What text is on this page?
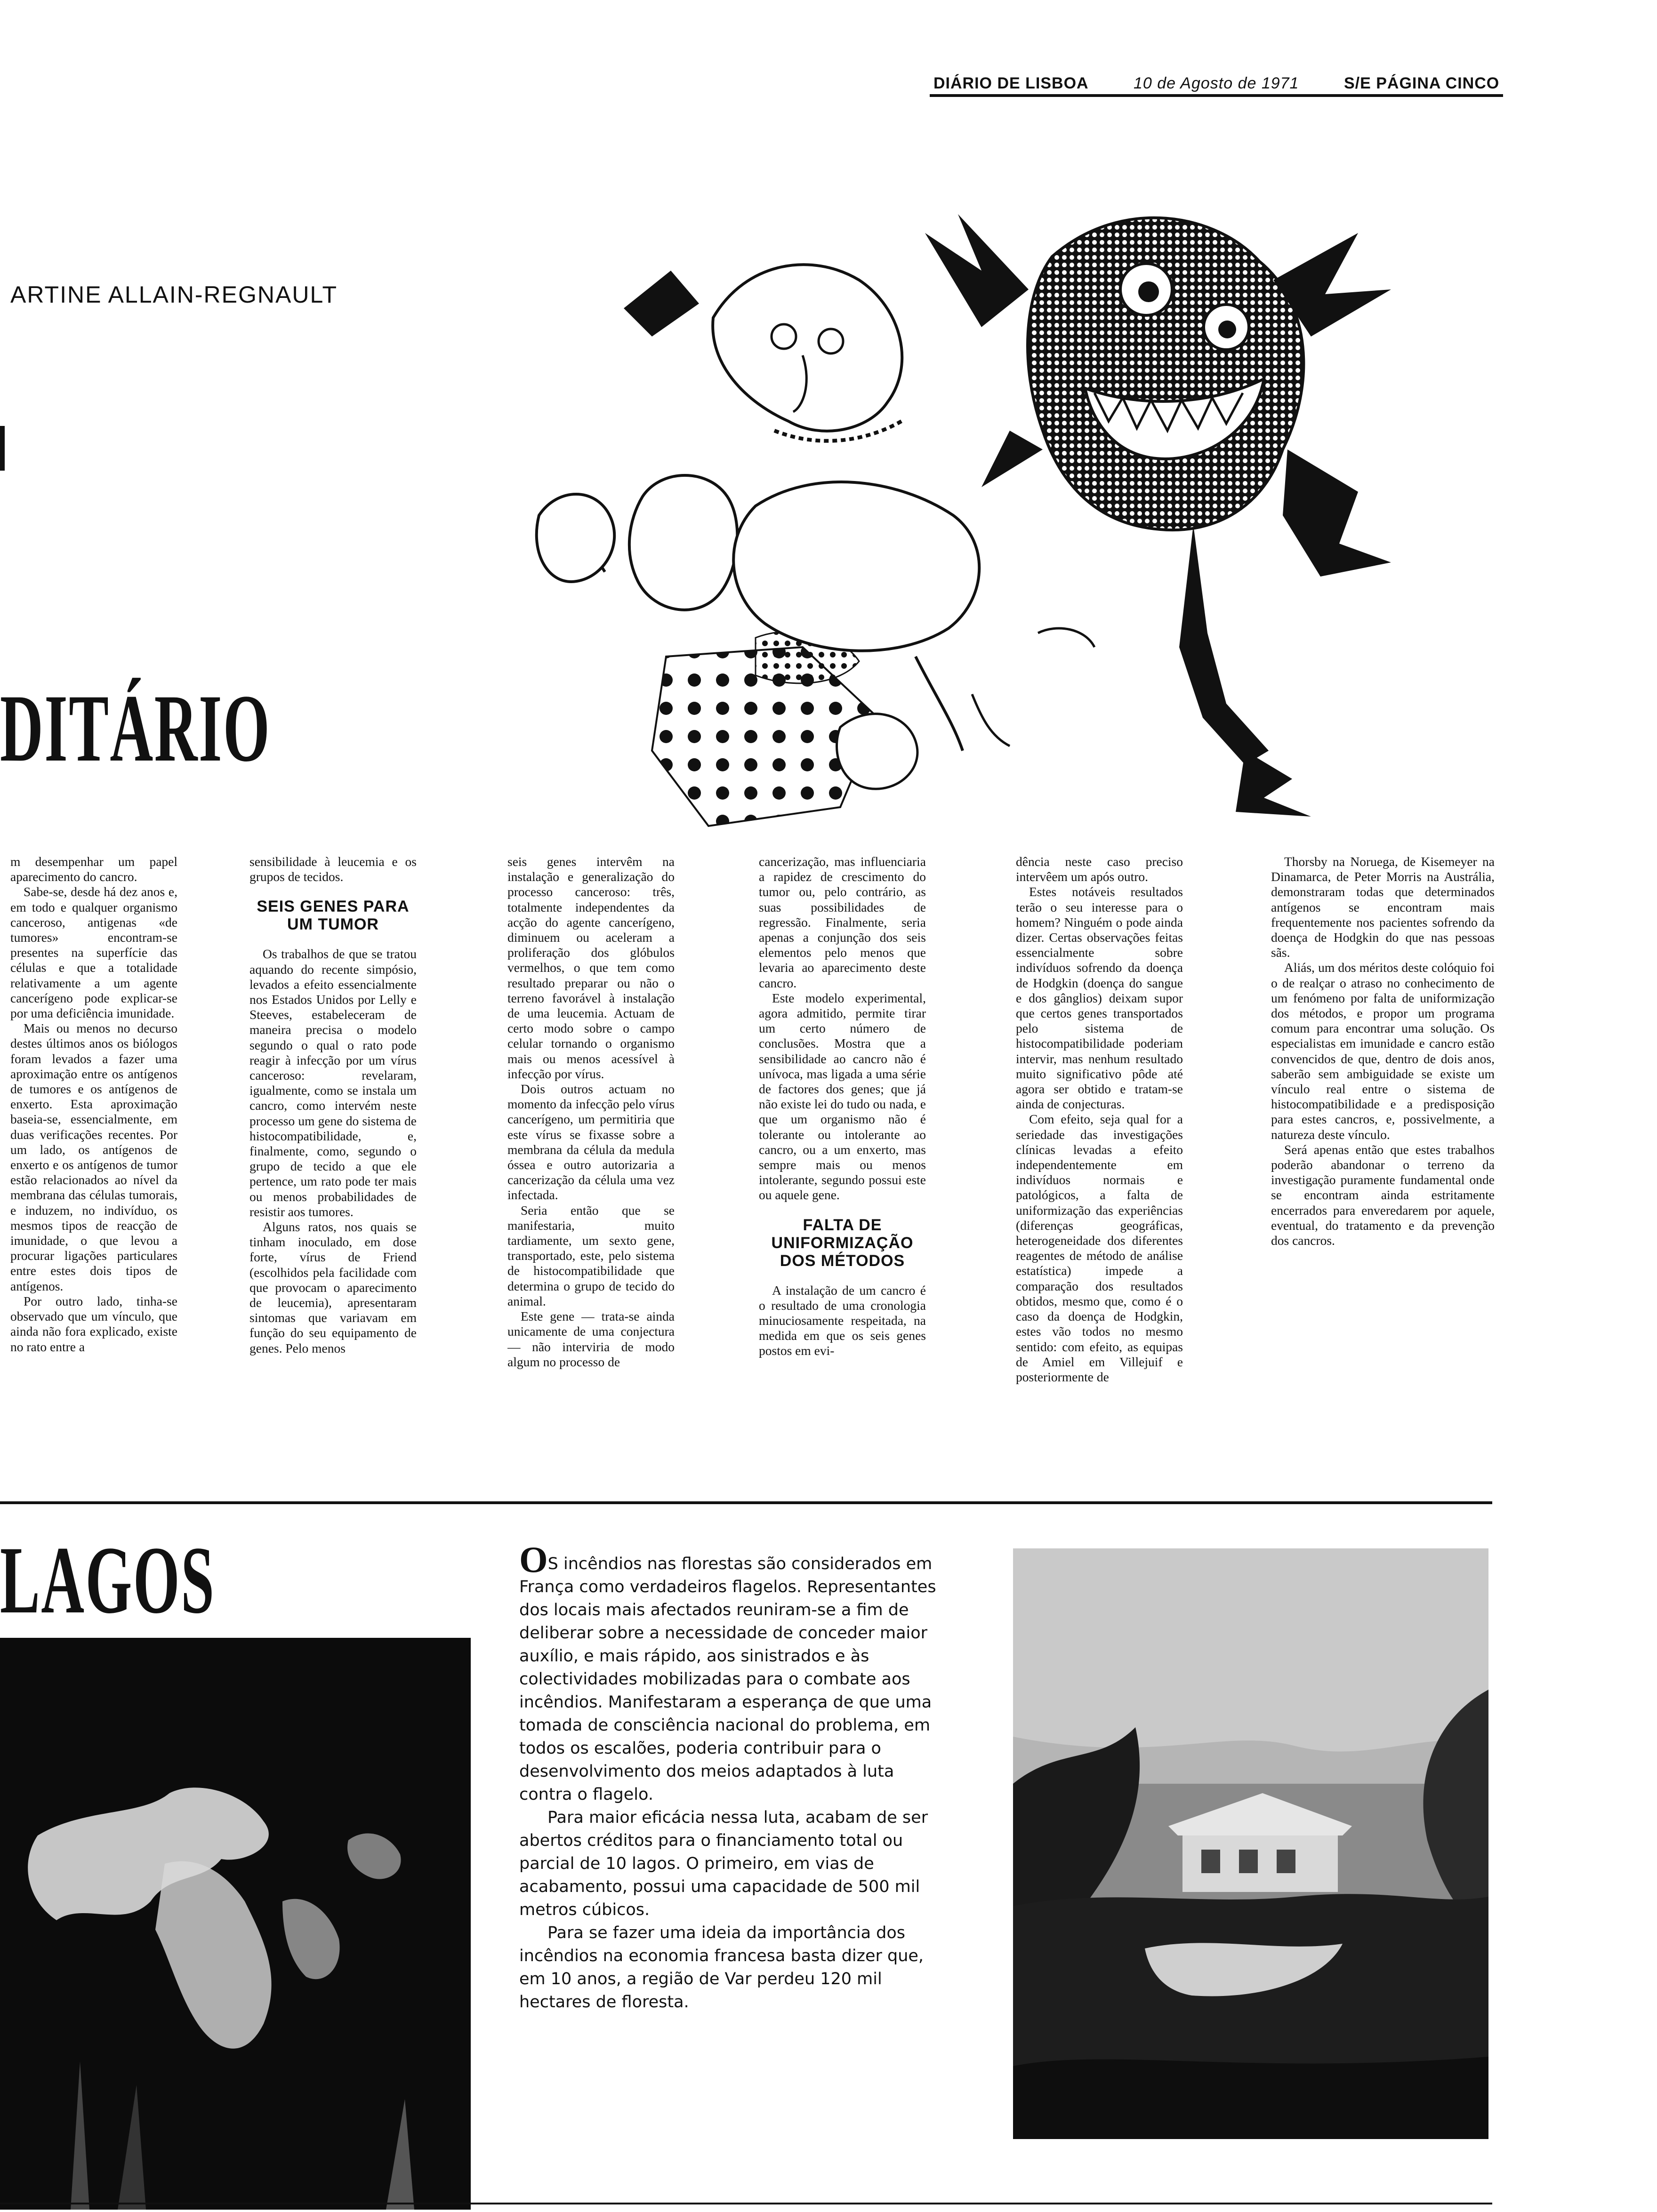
DIÁRIO DE LISBOA	10 de Agosto de 1971	S/E PÁGINA CINCO
ARTINE ALLAIN-REGNAULT
DITÁRIO

m desempenhar um papel aparecimento do cancro.

Sabe-se, desde há dez anos e, em todo e qualquer organismo canceroso, antigenas «de tumores» encontram-se presentes na superfície das células e que a totalidade relativamente a um agente cancerígeno pode explicar-se por uma deficiência imunidade.

Mais ou menos no decurso destes últimos anos os biólogos foram levados a fazer uma aproximação entre os antígenos de tumores e os antígenos de enxerto. Esta aproximação baseia-se, essencialmente, em duas verificações recentes. Por um lado, os antígenos de enxerto e os antígenos de tumor estão relacionados ao nível da membrana das células tumorais, e induzem, no indivíduo, os mesmos tipos de reacção de imunidade, o que levou a procurar ligações particulares entre estes dois tipos de antígenos.

Por outro lado, tinha-se observado que um vínculo, que ainda não fora explicado, existe no rato entre a

sensibilidade à leucemia e os grupos de tecidos.

SEIS GENES PARA UM TUMOR

Os trabalhos de que se tratou aquando do recente simpósio, levados a efeito essencialmente nos Estados Unidos por Lelly e Steeves, estabeleceram de maneira precisa o modelo segundo o qual o rato pode reagir à infecção por um vírus canceroso: revelaram, igualmente, como se instala um cancro, como intervém neste processo um gene do sistema de histocompatibilidade, e, finalmente, como, segundo o grupo de tecido a que ele pertence, um rato pode ter mais ou menos probabilidades de resistir aos tumores.

Alguns ratos, nos quais se tinham inoculado, em dose forte, vírus de Friend (escolhidos pela facilidade com que provocam o aparecimento de leucemia), apresentaram sintomas que variavam em função do seu equipamento de genes. Pelo menos

seis genes intervêm na instalação e generalização do processo canceroso: três, totalmente independentes da acção do agente cancerígeno, diminuem ou aceleram a proliferação dos glóbulos vermelhos, o que tem como resultado preparar ou não o terreno favorável à instalação de uma leucemia. Actuam de certo modo sobre o campo celular tornando o organismo mais ou menos acessível à infecção por vírus.

Dois outros actuam no momento da infecção pelo vírus cancerígeno, um permitiria que este vírus se fixasse sobre a membrana da célula da medula óssea e outro autorizaria a cancerização da célula uma vez infectada.

Seria então que se manifestaria, muito tardiamente, um sexto gene, transportado, este, pelo sistema de histocompatibilidade que determina o grupo de tecido do animal.

Este gene — trata-se ainda unicamente de uma conjectura — não interviria de modo algum no processo de

cancerização, mas influenciaria a rapidez de crescimento do tumor ou, pelo contrário, as suas possibilidades de regressão. Finalmente, seria apenas a conjunção dos seis elementos pelo menos que levaria ao aparecimento deste cancro.

Este modelo experimental, agora admitido, permite tirar um certo número de conclusões. Mostra que a sensibilidade ao cancro não é unívoca, mas ligada a uma série de factores dos genes; que já não existe lei do tudo ou nada, e que um organismo não é tolerante ou intolerante ao cancro, ou a um enxerto, mas sempre mais ou menos intolerante, segundo possui este ou aquele gene.

FALTA DE UNIFORMIZAÇÃO DOS MÉTODOS

A instalação de um cancro é o resultado de uma cronologia minuciosamente respeitada, na medida em que os seis genes postos em evi-

dência neste caso preciso intervêem um após outro.

Estes notáveis resultados terão o seu interesse para o homem? Ninguém o pode ainda dizer. Certas observações feitas essencialmente sobre indivíduos sofrendo da doença de Hodgkin (doença do sangue e dos gânglios) deixam supor que certos genes transportados pelo sistema de histocompatibilidade poderiam intervir, mas nenhum resultado muito significativo pôde até agora ser obtido e tratam-se ainda de conjecturas.

Com efeito, seja qual for a seriedade das investigações clínicas levadas a efeito independentemente em indivíduos normais e patológicos, a falta de uniformização das experiências (diferenças geográficas, heterogeneidade dos diferentes reagentes de método de análise estatística) impede a comparação dos resultados obtidos, mesmo que, como é o caso da doença de Hodgkin, estes vão todos no mesmo sentido: com efeito, as equipas de Amiel em Villejuif e posteriormente de

Thorsby na Noruega, de Kisemeyer na Dinamarca, de Peter Morris na Austrália, demonstraram todas que determinados antígenos se encontram mais frequentemente nos pacientes sofrendo da doença de Hodgkin do que nas pessoas sãs.

Aliás, um dos méritos deste colóquio foi o de realçar o atraso no conhecimento de um fenómeno por falta de uniformização dos métodos, e propor um programa comum para encontrar uma solução. Os especialistas em imunidade e cancro estão convencidos de que, dentro de dois anos, saberão sem ambiguidade se existe um vínculo real entre o sistema de histocompatibilidade e a predisposição para estes cancros, e, possivelmente, a natureza deste vínculo.

Será apenas então que estes trabalhos poderão abandonar o terreno da investigação puramente fundamental onde se encontram ainda estritamente encerrados para enveredarem por aquele, eventual, do tratamento e da prevenção dos cancros.

LAGOS	OS incêndios nas florestas são considerados em França como verdadeiros flagelos. Representantes dos locais mais afectados reuniram-se a fim de deliberar sobre a necessidade de conceder maior auxílio, e mais rápido, aos sinistrados e às colectividades mobilizadas para o combate aos incêndios. Manifestaram a esperança de que uma tomada de consciência nacional do problema, em todos os escalões, poderia contribuir para o desenvolvimento dos meios adaptados à luta contra o flagelo.

Para maior eficácia nessa luta, acabam de ser abertos créditos para o financiamento total ou parcial de 10 lagos. O primeiro, em vias de acabamento, possui uma capacidade de 500 mil metros cúbicos.

Para se fazer uma ideia da importância dos incêndios na economia francesa basta dizer que, em 10 anos, a região de Var perdeu 120 mil hectares de floresta.
